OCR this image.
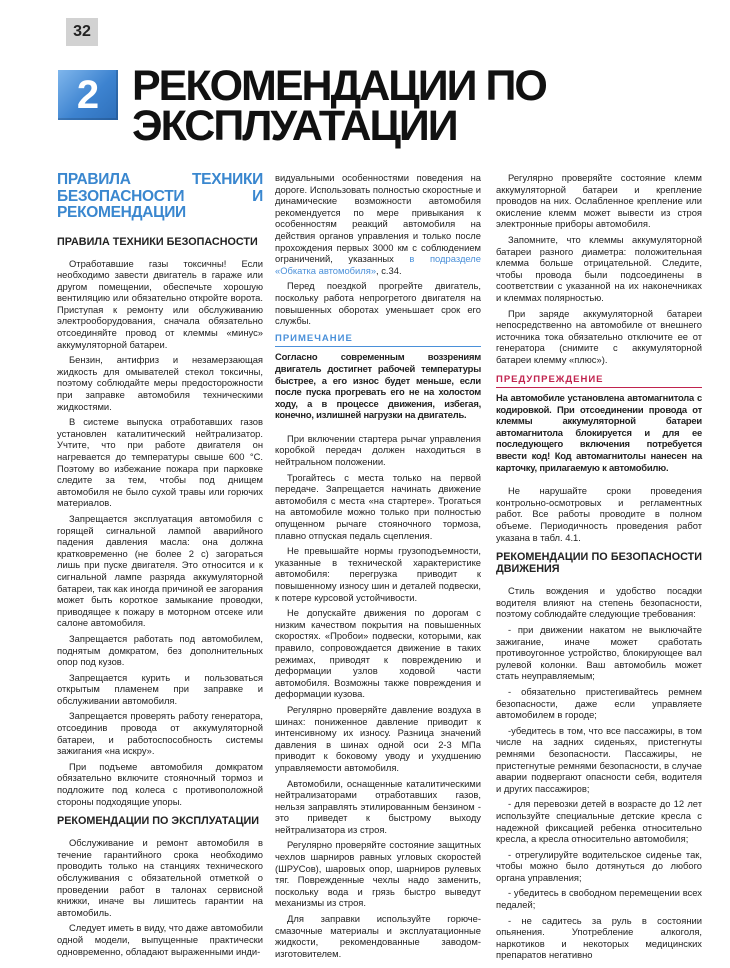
32
2 РЕКОМЕНДАЦИИ ПО ЭКСПЛУАТАЦИИ
ПРАВИЛА ТЕХНИКИ БЕЗОПАСНОСТИ И РЕКОМЕНДАЦИИ
ПРАВИЛА ТЕХНИКИ БЕЗОПАСНОСТИ

Отработавшие газы токсичны! Если необходимо завести двигатель в гараже или другом помещении, обеспечьте хорошую вентиляцию или обязательно откройте ворота. Приступая к ремонту или обслуживанию электрооборудования, сначала обязательно отсоединяйте провод от клеммы «минус» аккумуляторной батареи.

Бензин, антифриз и незамерзающая жидкость для омывателей стекол токсичны, поэтому соблюдайте меры предосторожности при заправке автомобиля техническими жидкостями.

В системе выпуска отработавших газов установлен каталитический нейтрализатор. Учтите, что при работе двигателя он нагревается до температуры свыше 600 °С. Поэтому во избежание пожара при парковке следите за тем, чтобы под днищем автомобиля не было сухой травы или горючих материалов.

Запрещается эксплуатация автомобиля с горящей сигнальной лампой аварийного падения давления масла: она должна кратковременно (не более 2 с) загораться лишь при пуске двигателя. Это относится и к сигнальной лампе разряда аккумуляторной батареи, так как иногда причиной ее загорания может быть короткое замыкание проводки, приводящее к пожару в моторном отсеке или салоне автомобиля.

Запрещается работать под автомобилем, поднятым домкратом, без дополнительных опор под кузов.

Запрещается курить и пользоваться открытым пламенем при заправке и обслуживании автомобиля.

Запрещается проверять работу генератора, отсоединив провода от аккумуляторной батареи, и работоспособность системы зажигания «на искру».

При подъеме автомобиля домкратом обязательно включите стояночный тормоз и подложите под колеса с противоположной стороны подходящие упоры.

РЕКОМЕНДАЦИИ ПО ЭКСПЛУАТАЦИИ

Обслуживание и ремонт автомобиля в течение гарантийного срока необходимо проводить только на станциях технического обслуживания с обязательной отметкой о проведении работ в талонах сервисной книжки, иначе вы лишитесь гарантии на автомобиль.

Следует иметь в виду, что даже автомобили одной модели, выпущенные практически одновременно, обладают выраженными инди-

видуальными особенностями поведения на дороге. Использовать полностью скоростные и динамические возможности автомобиля рекомендуется по мере привыкания к особенностям реакций автомобиля на действия органов управления и только после прохождения первых 3000 км с соблюдением ограничений, указанных в подразделе «Обкатка автомобиля», с.34.

Перед поездкой прогрейте двигатель, поскольку работа непрогретого двигателя на повышенных оборотах уменьшает срок его службы.

ПРИМЕЧАНИЕ
Согласно современным воззрениям двигатель достигнет рабочей температуры быстрее, а его износ будет меньше, если после пуска прогревать его не на холостом ходу, а в процессе движения, избегая, конечно, излишней нагрузки на двигатель.

При включении стартера рычаг управления коробкой передач должен находиться в нейтральном положении.

Трогайтесь с места только на первой передаче. Запрещается начинать движение автомобиля с места «на стартере». Трогаться на автомобиле можно только при полностью опущенном рычаге стояночного тормоза, плавно отпуская педаль сцепления.

Не превышайте нормы грузоподъемности, указанные в технической характеристике автомобиля: перегрузка приводит к повышенному износу шин и деталей подвески, к потере курсовой устойчивости.

Не допускайте движения по дорогам с низким качеством покрытия на повышенных скоростях. «Пробои» подвески, которыми, как правило, сопровождается движение в таких режимах, приводят к повреждению и деформации узлов ходовой части автомобиля. Возможны также повреждения и деформации кузова.

Регулярно проверяйте давление воздуха в шинах: пониженное давление приводит к интенсивному их износу. Разница значений давления в шинах одной оси 2-3 МПа приводит к боковому уводу и ухудшению управляемости автомобиля.

Автомобили, оснащенные каталитическими нейтрализаторами отработавших газов, нельзя заправлять этилированным бензином - это приведет к быстрому выходу нейтрализатора из строя.

Регулярно проверяйте состояние защитных чехлов шарниров равных угловых скоростей (ШРУСов), шаровых опор, шарниров рулевых тяг. Поврежденные чехлы надо заменить, поскольку вода и грязь быстро выведут механизмы из строя.

Для заправки используйте горюче-смазочные материалы и эксплуатационные жидкости, рекомендованные заводом-изготовителем.

Регулярно проверяйте состояние клемм аккумуляторной батареи и крепление проводов на них. Ослабленное крепление или окисление клемм может вывести из строя электронные приборы автомобиля.

Запомните, что клеммы аккумуляторной батареи разного диаметра: положительная клемма больше отрицательной. Следите, чтобы провода были подсоединены в соответствии с указанной на их наконечниках и клеммах полярностью.

При заряде аккумуляторной батареи непосредственно на автомобиле от внешнего источника тока обязательно отключите ее от генератора (снимите с аккумуляторной батареи клемму «плюс»).

ПРЕДУПРЕЖДЕНИЕ
На автомобиле установлена автомагнитола с кодировкой. При отсоединении провода от клеммы аккумуляторной батареи автомагнитола блокируется и для ее последующего включения потребуется ввести код! Код автомагнитолы нанесен на карточку, прилагаемую к автомобилю.

Не нарушайте сроки проведения контрольно-осмотровых и регламентных работ. Все работы проводите в полном объеме. Периодичность проведения работ указана в табл. 4.1.

РЕКОМЕНДАЦИИ ПО БЕЗОПАСНОСТИ ДВИЖЕНИЯ

Стиль вождения и удобство посадки водителя влияют на степень безопасности, поэтому соблюдайте следующие требования:

- при движении накатом не выключайте зажигание, иначе может сработать противоугонное устройство, блокирующее вал рулевой колонки. Ваш автомобиль может стать неуправляемым;

- обязательно пристегивайтесь ремнем безопасности, даже если управляете автомобилем в городе;

-убедитесь в том, что все пассажиры, в том числе на задних сиденьях, пристегнуты ремнями безопасности. Пассажиры, не пристегнутые ремнями безопасности, в случае аварии подвергают опасности себя, водителя и других пассажиров;

- для перевозки детей в возрасте до 12 лет используйте специальные детские кресла с надежной фиксацией ребенка относительно кресла, а кресла относительно автомобиля;

- отрегулируйте водительское сиденье так, чтобы можно было дотянуться до любого органа управления;

- убедитесь в свободном перемещении всех педалей;

- не садитесь за руль в состоянии опьянения. Употребление алкоголя, наркотиков и некоторых медицинских препаратов негативно
